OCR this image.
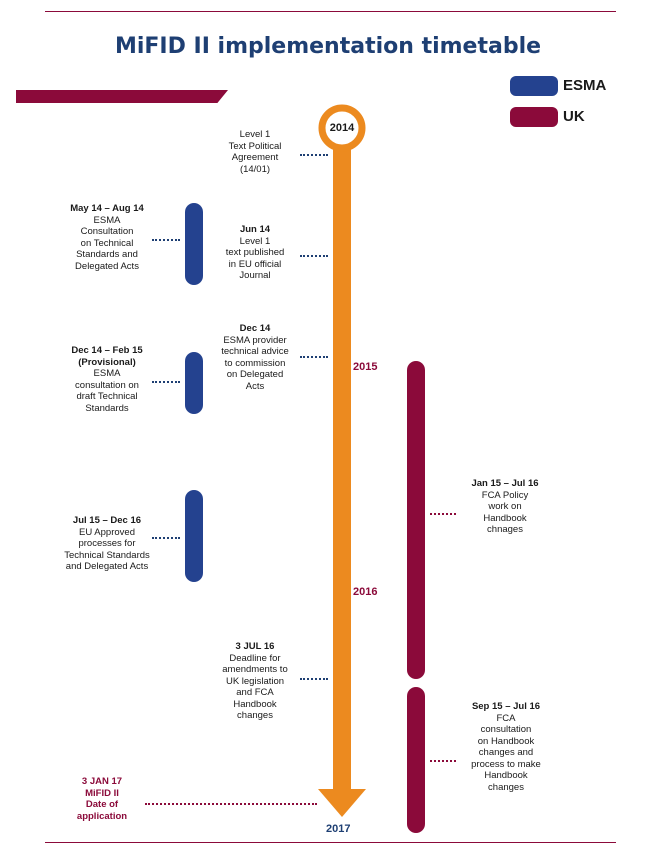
MiFID II implementation timetable
ESMA
UK
2014
2015
2016
2017
Level 1
Text Political
Agreement
(14/01)
Jun 14
Level 1
text published
in EU official
Journal
Dec 14
ESMA provider
technical advice
to commission
on Delegated
Acts
3 JUL 16
Deadline for
amendments to
UK legislation
and FCA
Handbook
changes
3 JAN 17
MiFID II
Date of
application
May 14 – Aug 14
ESMA
Consultation
on Technical
Standards and
Delegated Acts
Dec 14 – Feb 15
(Provisional)
ESMA
consultation on
draft Technical
Standards
Jul 15 – Dec 16
EU Approved
processes for
Technical Standards
and Delegated Acts
Jan 15 – Jul 16
FCA Policy
work on
Handbook
chnages
Sep 15 – Jul 16
FCA
consultation
on Handbook
changes and
process to make
Handbook
changes
